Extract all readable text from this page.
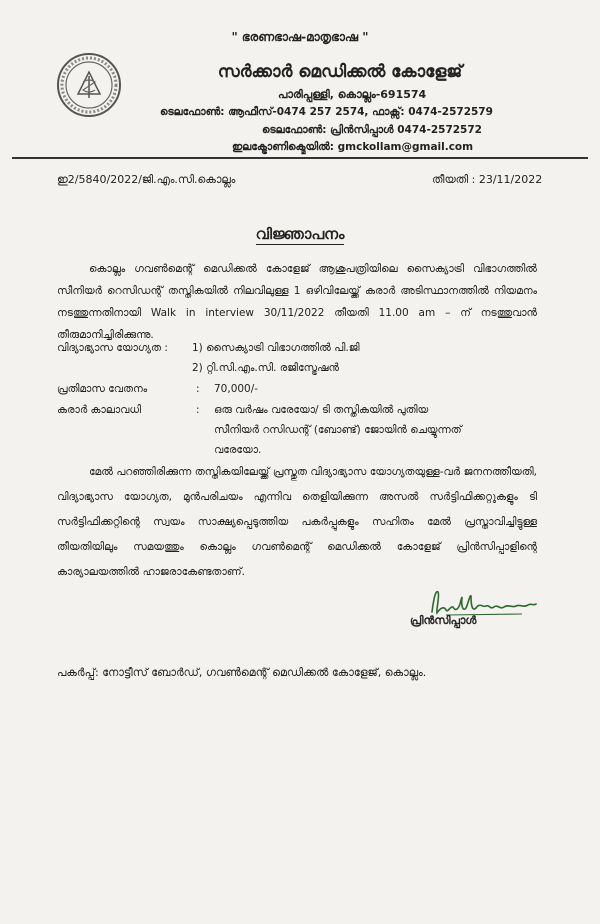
" ഭരണഭാഷ-മാതൃഭാഷ "
സർക്കാർ മെഡിക്കൽ കോളേജ്
പാരിപ്പള്ളി, കൊല്ലം-691574
ടെലഫോൺ: ആഫീസ്-0474 257 2574, ഫാക്സ്: 0474-2572579
ടെലഫോൺ: പ്രിൻസിപ്പാൾ 0474-2572572
ഇലക്ട്രോണിക്മെയിൽ: gmckollam@gmail.com
ഇ2/5840/2022/ജി.എം.സി.കൊല്ലം	തീയതി : 23/11/2022
വിജ്ഞാപനം
കൊല്ലം ഗവൺമെന്റ് മെഡിക്കൽ കോളേജ് ആശുപത്രിയിലെ സൈക്യാട്രി വിഭാഗത്തിൽ സീനിയർ റെസിഡന്റ് തസ്തികയിൽ നിലവിലുള്ള 1 ഒഴിവിലേയ്ക്ക് കരാർ അടിസ്ഥാനത്തിൽ നിയമനം നടത്തുന്നതിനായി Walk in interview 30/11/2022 തീയതി 11.00 am – ന് നടത്തുവാൻ തീരുമാനിച്ചിരിക്കുന്നു.
വിദ്യാഭ്യാസ യോഗ്യത : 1) സൈക്യാട്രി വിഭാഗത്തിൽ പി.ജി
2) റ്റി.സി.എം.സി. രജിസ്ട്രേഷൻ
പ്രതിമാസ വേതനം	: 70,000/-
കരാർ കാലാവധി	: ഒരു വർഷം വരേയോ/ ടി തസ്തികയിൽ പുതിയ
സീനിയർ റസിഡന്റ് (ബോണ്ട്) ജോയിൻ ചെയ്യുന്നത്
വരേയോ.
മേൽ പറഞ്ഞിരിക്കുന്ന തസ്തികയിലേയ്ക്ക് പ്രസ്തുത വിദ്യാഭ്യാസ യോഗ്യതയുള്ള-വർ ജനനത്തീയതി, വിദ്യാഭ്യാസ യോഗ്യത, മുൻപരിചയം എന്നിവ തെളിയിക്കുന്ന അസൽ സർട്ടിഫിക്കറ്റുകളും ടി സർട്ടിഫിക്കറ്റിന്റെ സ്വയം സാക്ഷ്യപ്പെടുത്തിയ പകർപ്പുകളും സഹിതം മേൽ പ്രസ്താവിച്ചിട്ടുള്ള തീയതിയിലും സമയത്തും കൊല്ലം ഗവൺമെന്റ് മെഡിക്കൽ കോളേജ് പ്രിൻസിപ്പാളിന്റെ കാര്യാലയത്തിൽ ഹാജരാകേണ്ടതാണ്.
പ്രിൻസിപ്പാൾ
പകർപ്പ്: നോട്ടീസ് ബോർഡ്, ഗവൺമെന്റ് മെഡിക്കൽ കോളേജ്, കൊല്ലം.
